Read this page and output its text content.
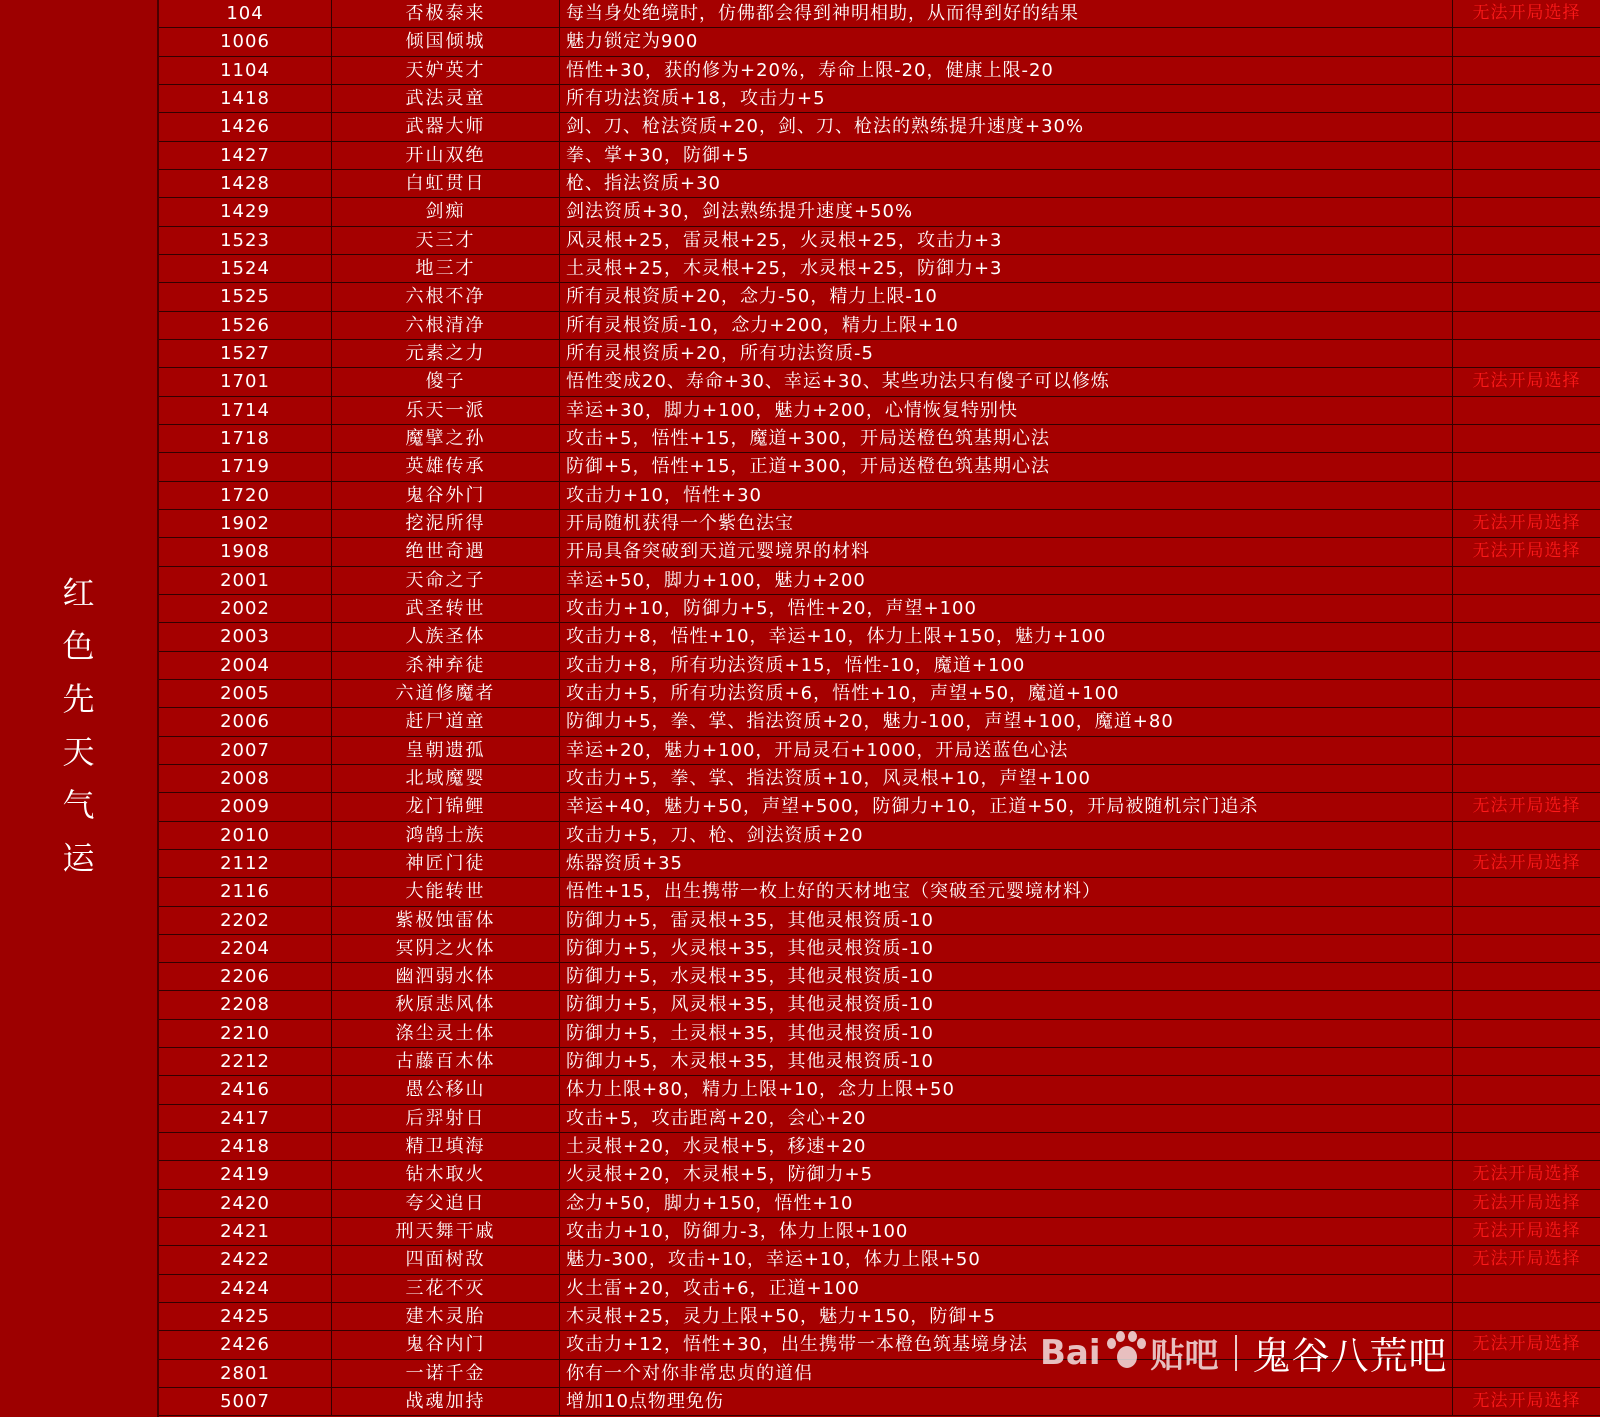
红色先天气运
104	否极泰来	每当身处绝境时，仿佛都会得到神明相助，从而得到好的结果	无法开局选择
1006	倾国倾城	魅力锁定为900
1104	天妒英才	悟性+30，获的修为+20%，寿命上限-20，健康上限-20
1418	武法灵童	所有功法资质+18，攻击力+5
1426	武器大师	剑、刀、枪法资质+20，剑、刀、枪法的熟练提升速度+30%
1427	开山双绝	拳、掌+30，防御+5
1428	白虹贯日	枪、指法资质+30
1429	剑痴	剑法资质+30，剑法熟练提升速度+50%
1523	天三才	风灵根+25，雷灵根+25，火灵根+25，攻击力+3
1524	地三才	土灵根+25，木灵根+25，水灵根+25，防御力+3
1525	六根不净	所有灵根资质+20，念力-50，精力上限-10
1526	六根清净	所有灵根资质-10，念力+200，精力上限+10
1527	元素之力	所有灵根资质+20，所有功法资质-5
1701	傻子	悟性变成20、寿命+30、幸运+30、某些功法只有傻子可以修炼	无法开局选择
1714	乐天一派	幸运+30，脚力+100，魅力+200，心情恢复特别快
1718	魔擘之孙	攻击+5，悟性+15，魔道+300，开局送橙色筑基期心法
1719	英雄传承	防御+5，悟性+15，正道+300，开局送橙色筑基期心法
1720	鬼谷外门	攻击力+10，悟性+30
1902	挖泥所得	开局随机获得一个紫色法宝	无法开局选择
1908	绝世奇遇	开局具备突破到天道元婴境界的材料	无法开局选择
2001	天命之子	幸运+50，脚力+100，魅力+200
2002	武圣转世	攻击力+10，防御力+5，悟性+20，声望+100
2003	人族圣体	攻击力+8，悟性+10，幸运+10，体力上限+150，魅力+100
2004	杀神弃徒	攻击力+8，所有功法资质+15，悟性-10，魔道+100
2005	六道修魔者	攻击力+5，所有功法资质+6，悟性+10，声望+50，魔道+100
2006	赶尸道童	防御力+5，拳、掌、指法资质+20，魅力-100，声望+100，魔道+80
2007	皇朝遗孤	幸运+20，魅力+100，开局灵石+1000，开局送蓝色心法
2008	北域魔婴	攻击力+5，拳、掌、指法资质+10，风灵根+10，声望+100
2009	龙门锦鲤	幸运+40，魅力+50，声望+500，防御力+10，正道+50，开局被随机宗门追杀	无法开局选择
2010	鸿鹄士族	攻击力+5，刀、枪、剑法资质+20
2112	神匠门徒	炼器资质+35	无法开局选择
2116	大能转世	悟性+15，出生携带一枚上好的天材地宝（突破至元婴境材料）
2202	紫极蚀雷体	防御力+5，雷灵根+35，其他灵根资质-10
2204	冥阴之火体	防御力+5，火灵根+35，其他灵根资质-10
2206	幽泗弱水体	防御力+5，水灵根+35，其他灵根资质-10
2208	秋原悲风体	防御力+5，风灵根+35，其他灵根资质-10
2210	涤尘灵土体	防御力+5，土灵根+35，其他灵根资质-10
2212	古藤百木体	防御力+5，木灵根+35，其他灵根资质-10
2416	愚公移山	体力上限+80，精力上限+10，念力上限+50
2417	后羿射日	攻击+5，攻击距离+20，会心+20
2418	精卫填海	土灵根+20，水灵根+5，移速+20
2419	钻木取火	火灵根+20，木灵根+5，防御力+5	无法开局选择
2420	夸父追日	念力+50，脚力+150，悟性+10	无法开局选择
2421	刑天舞干戚	攻击力+10，防御力-3，体力上限+100	无法开局选择
2422	四面树敌	魅力-300，攻击+10，幸运+10，体力上限+50	无法开局选择
2424	三花不灭	火土雷+20，攻击+6，正道+100
2425	建木灵胎	木灵根+25，灵力上限+50，魅力+150，防御+5
2426	鬼谷内门	攻击力+12，悟性+30，出生携带一本橙色筑基境身法	无法开局选择
2801	一诺千金	你有一个对你非常忠贞的道侣
5007	战魂加持	增加10点物理免伤	无法开局选择
Bai 贴吧 鬼谷八荒吧
